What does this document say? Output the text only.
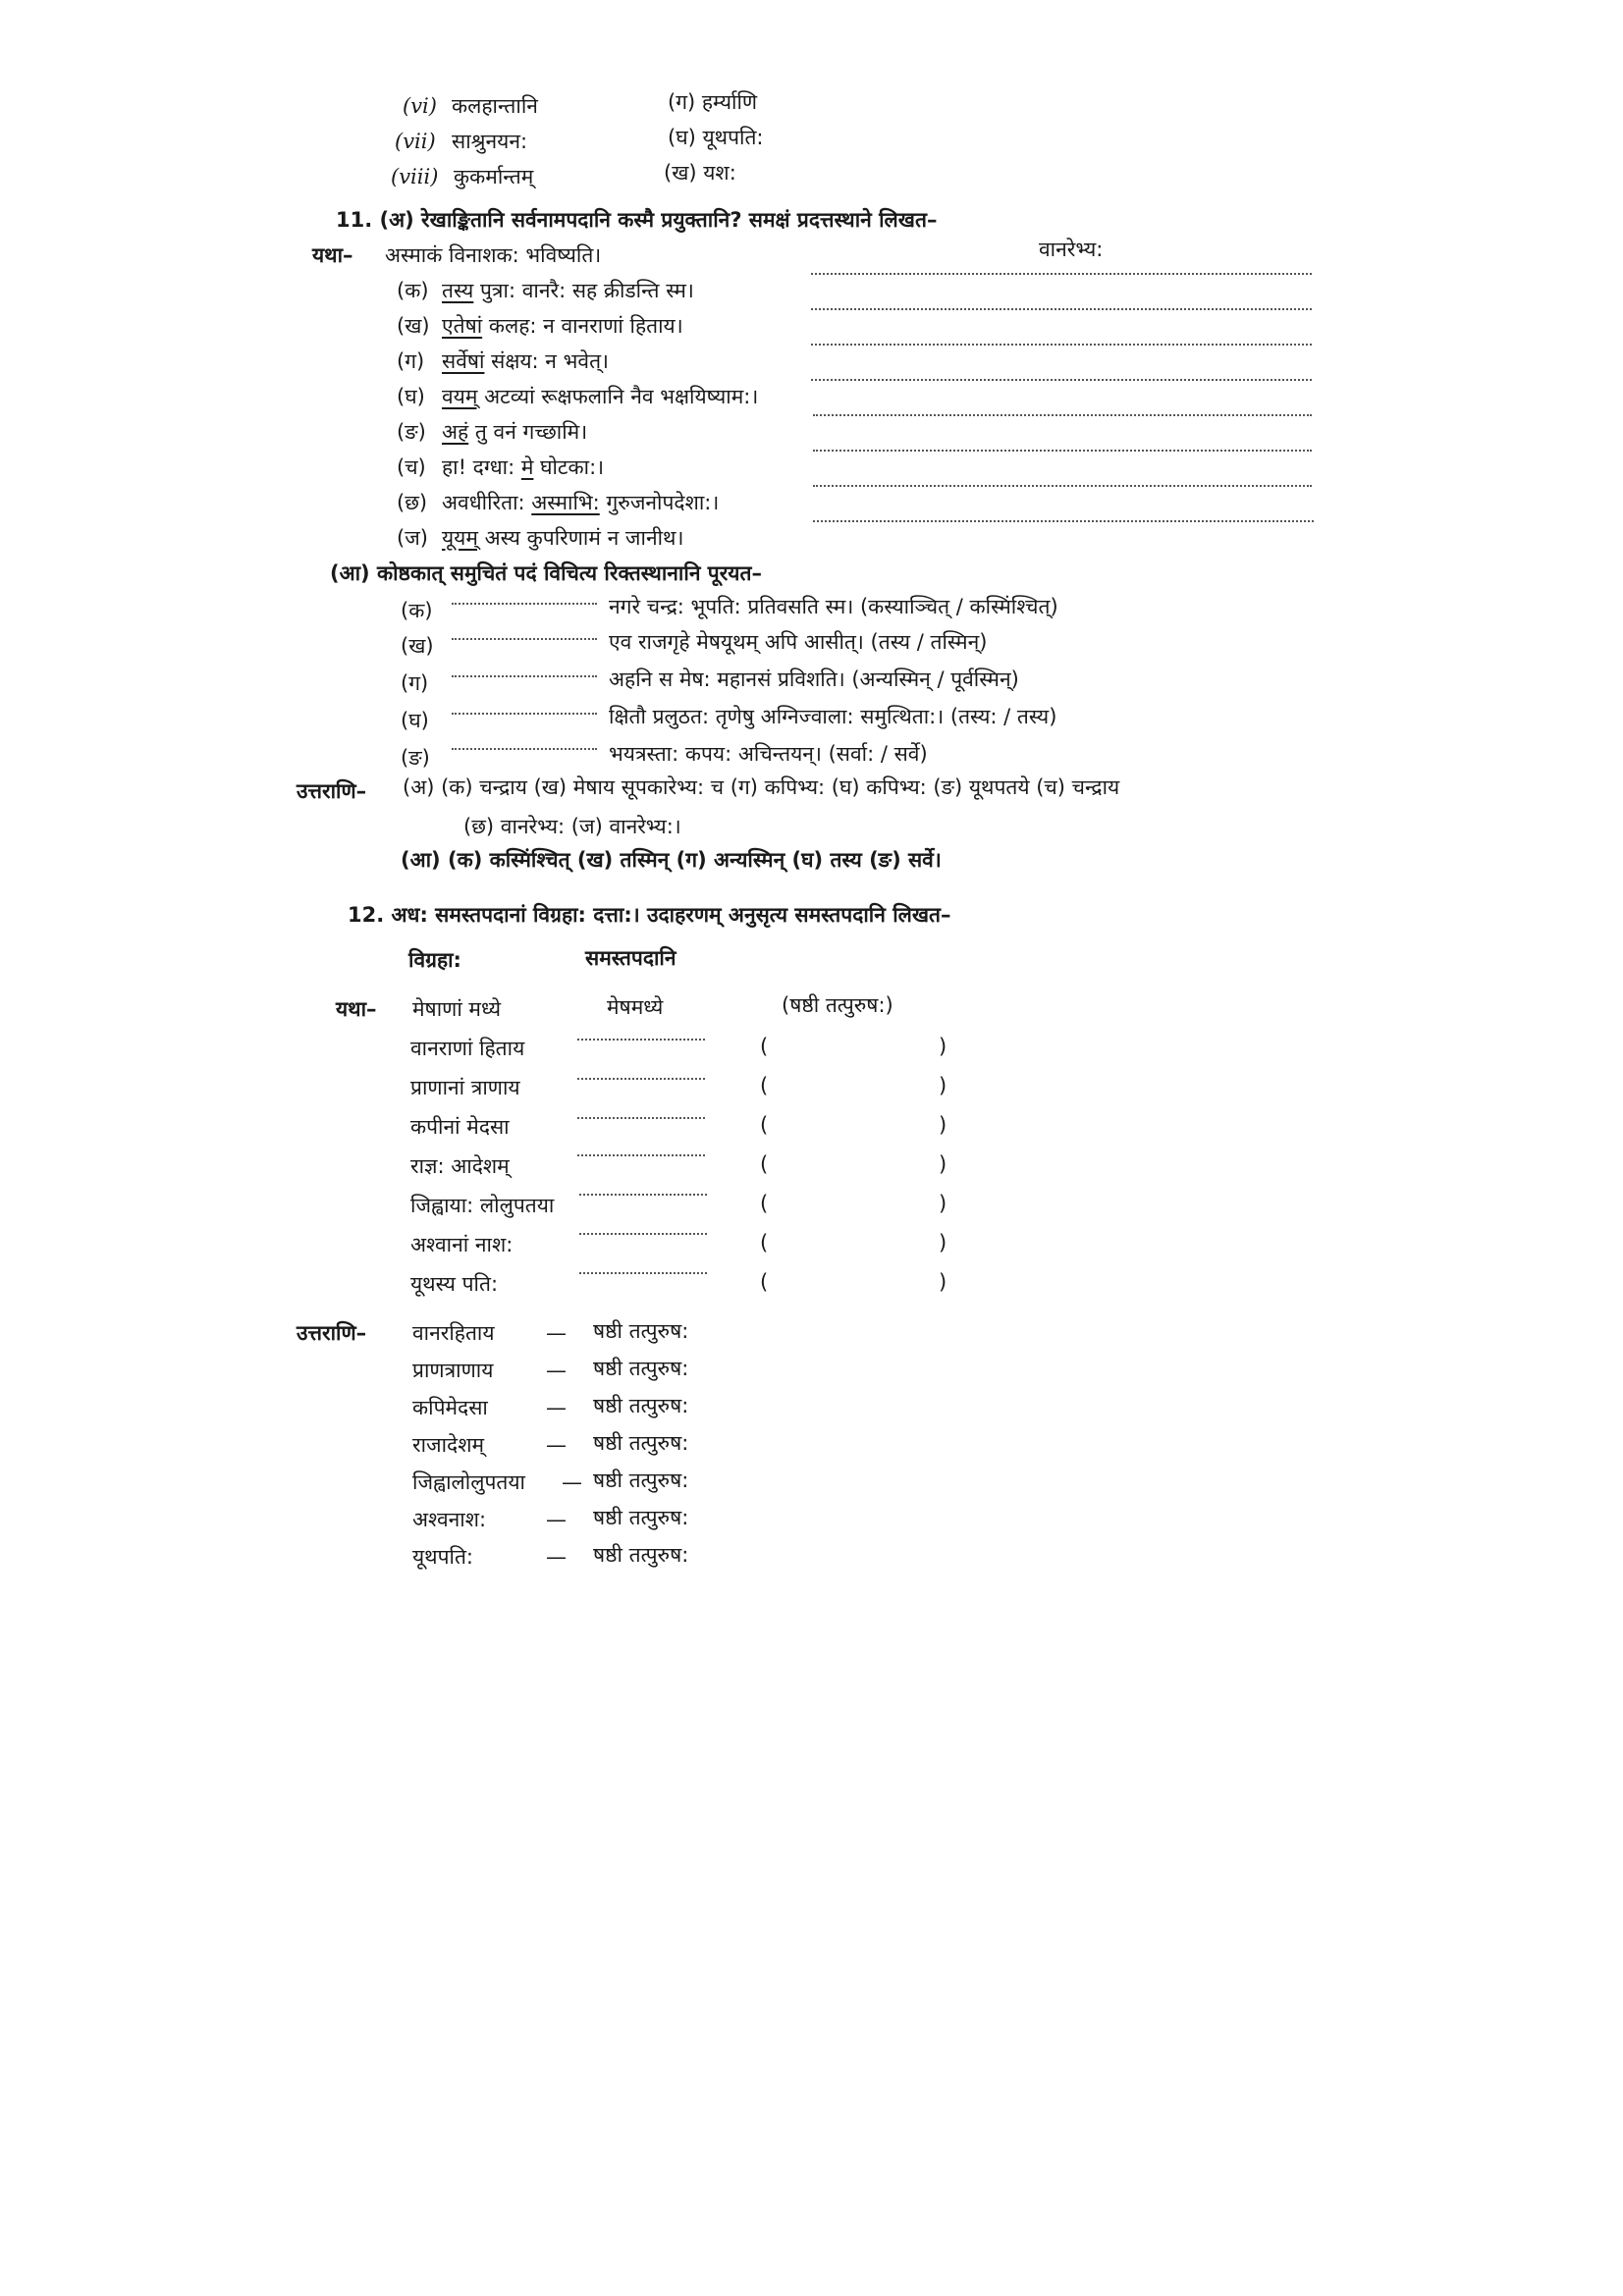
(vi) कलहान्तानि	(ग) हर्म्याणि
(vii) साश्रुनयन:	(घ) यूथपति:
(viii) कुकर्मान्तम्	(ख) यश:
11. (अ) रेखाङ्कितानि सर्वनामपदानि कस्मै प्रयुक्तानि? समक्षं प्रदत्तस्थाने लिखत–
यथा– अस्माकं विनाशक: भविष्यति।	वानरेभ्य:
(क) तस्य पुत्रा: वानरै: सह क्रीडन्ति स्म।
(ख) एतेषां कलह: न वानराणां हिताय।
(ग) सर्वेषां संक्षय: न भवेत्।
(घ) वयम् अटव्यां रूक्षफलानि नैव भक्षयिष्याम:।
(ङ) अहं तु वनं गच्छामि।
(च) हा! दग्धा: मे घोटका:।
(छ) अवधीरिता: अस्माभि: गुरुजनोपदेशा:।
(ज) यूयम् अस्य कुपरिणामं न जानीथ।
(आ) कोष्ठकात् समुचितं पदं विचित्य रिक्तस्थानानि पूरयत–
(क)	नगरे चन्द्र: भूपति: प्रतिवसति स्म। (कस्याञ्चित् / कस्मिंश्चित्)
(ख)	एव राजगृहे मेषयूथम् अपि आसीत्। (तस्य / तस्मिन्)
(ग)	अहनि स मेष: महानसं प्रविशति। (अन्यस्मिन् / पूर्वस्मिन्)
(घ)	क्षितौ प्रलुठत: तृणेषु अग्निज्वाला: समुत्थिता:। (तस्य: / तस्य)
(ङ)	भयत्रस्ता: कपय: अचिन्तयन्। (सर्वा: / सर्वे)
उत्तराणि– (अ) (क) चन्द्राय (ख) मेषाय सूपकारेभ्य: च (ग) कपिभ्य: (घ) कपिभ्य: (ङ) यूथपतये (च) चन्द्राय
(छ) वानरेभ्य: (ज) वानरेभ्य:।
(आ) (क) कस्मिंश्चित् (ख) तस्मिन् (ग) अन्यस्मिन् (घ) तस्य (ङ) सर्वे।
12. अध: समस्तपदानां विग्रहा: दत्ता:। उदाहरणम् अनुसृत्य समस्तपदानि लिखत–
विग्रहा:	समस्तपदानि
यथा– मेषाणां मध्ये	मेषमध्ये	(षष्ठी तत्पुरुष:)
वानराणां हिताय	(	)
प्राणानां त्राणाय	(	)
कपीनां मेदसा	(	)
राज्ञ: आदेशम्	(	)
जिह्वाया: लोलुपतया	(	)
अश्वानां नाश:	(	)
यूथस्य पति:	(	)
उत्तराणि– वानरहिताय — षष्ठी तत्पुरुष:
प्राणत्राणाय	— षष्ठी तत्पुरुष:
कपिमेदसा	— षष्ठी तत्पुरुष:
राजादेशम्	— षष्ठी तत्पुरुष:
जिह्वालोलुपतया — षष्ठी तत्पुरुष:
अश्वनाश:	— षष्ठी तत्पुरुष:
यूथपति:	— षष्ठी तत्पुरुष:
